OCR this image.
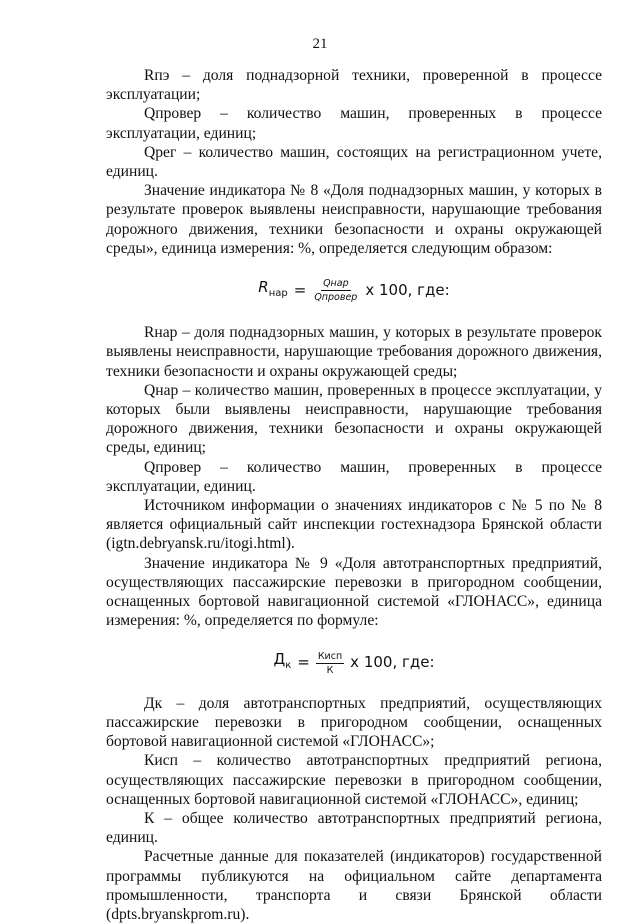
21

Rпэ – доля поднадзорной техники, проверенной в процессе эксплуатации;

Qпровер – количество машин, проверенных в процессе эксплуатации, единиц;

Qрег – количество машин, состоящих на регистрационном учете, единиц.

Значение индикатора № 8 «Доля поднадзорных машин, у которых в результате проверок выявлены неисправности, нарушающие требования дорожного движения, техники безопасности и охраны окружающей среды», единица измерения: %, определяется следующим образом:

$R_{нар} = \frac{\text{Qнар}}{\text{Qпровер}}$ x 100, где:

Rнар – доля поднадзорных машин, у которых в результате проверок выявлены неисправности, нарушающие требования дорожного движения, техники безопасности и охраны окружающей среды;

Qнар – количество машин, проверенных в процессе эксплуатации, у которых были выявлены неисправности, нарушающие требования дорожного движения, техники безопасности и охраны окружающей среды, единиц;

Qпровер – количество машин, проверенных в процессе эксплуатации, единиц.

Источником информации о значениях индикаторов с № 5 по № 8 является официальный сайт инспекции гостехнадзора Брянской области (igtn.debryansk.ru/itogi.html).

Значение индикатора № 9 «Доля автотранспортных предприятий, осуществляющих пассажирские перевозки в пригородном сообщении, оснащенных бортовой навигационной системой «ГЛОНАСС», единица измерения: %, определяется по формуле:

$Д_к = \frac{\text{Кисп}}{К}$ x 100, где:

Дк – доля автотранспортных предприятий, осуществляющих пассажирские перевозки в пригородном сообщении, оснащенных бортовой навигационной системой «ГЛОНАСС»;

Кисп – количество автотранспортных предприятий региона, осуществляющих пассажирские перевозки в пригородном сообщении, оснащенных бортовой навигационной системой «ГЛОНАСС», единиц;

К – общее количество автотранспортных предприятий региона, единиц.

Расчетные данные для показателей (индикаторов) государственной программы публикуются на официальном сайте департамента промышленности, транспорта и связи Брянской области (dpts.bryanskprom.ru).
